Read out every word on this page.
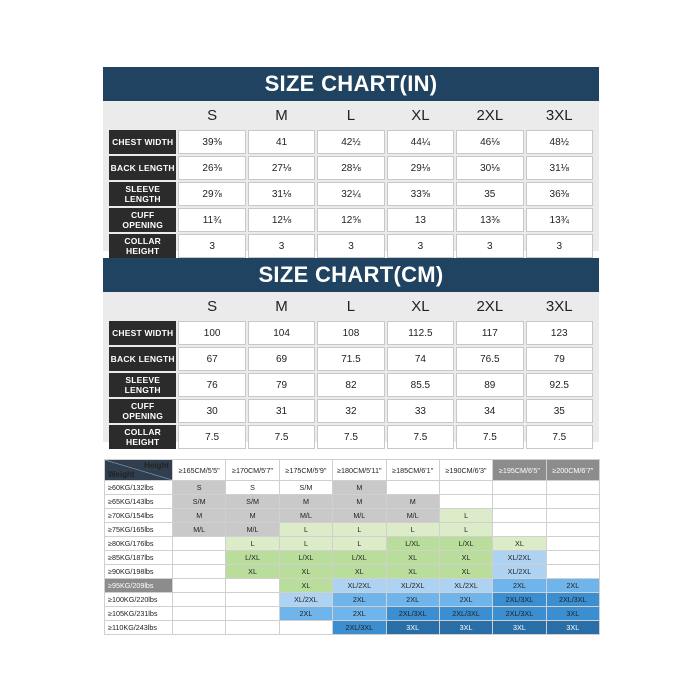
SIZE CHART(IN)
	S	M	L	XL	2XL	3XL
CHEST WIDTH	39⅜	41	42½	44¼	46⅛	48½
BACK LENGTH	26⅜	27⅛	28⅛	29⅛	30⅛	31⅛
SLEEVE LENGTH	29⅞	31⅛	32¼	33⅝	35	36⅜
CUFF OPENING	11¾	12⅛	12⅝	13	13⅜	13¾
COLLAR HEIGHT	3	3	3	3	3	3
SIZE CHART(CM)
	S	M	L	XL	2XL	3XL
CHEST WIDTH	100	104	108	112.5	117	123
BACK LENGTH	67	69	71.5	74	76.5	79
SLEEVE LENGTH	76	79	82	85.5	89	92.5
CUFF OPENING	30	31	32	33	34	35
COLLAR HEIGHT	7.5	7.5	7.5	7.5	7.5	7.5
Height
Weight	≥165CM/5'5"	≥170CM/5'7"	≥175CM/5'9"	≥180CM/5'11"	≥185CM/6'1"	≥190CM/6'3"	≥195CM/6'5"	≥200CM/6'7"
≥60KG/132lbs	S	S	S/M	M				
≥65KG/143lbs	S/M	S/M	M	M	M			
≥70KG/154lbs	M	M	M/L	M/L	M/L	L		
≥75KG/165lbs	M/L	M/L	L	L	L	L		
≥80KG/176lbs		L	L	L	L/XL	L/XL	XL	
≥85KG/187lbs		L/XL	L/XL	L/XL	XL	XL	XL/2XL	
≥90KG/198lbs		XL	XL	XL	XL	XL	XL/2XL	
≥95KG/209lbs			XL	XL/2XL	XL/2XL	XL/2XL	2XL	2XL
≥100KG/220lbs			XL/2XL	2XL	2XL	2XL	2XL/3XL	2XL/3XL
≥105KG/231lbs			2XL	2XL	2XL/3XL	2XL/3XL	2XL/3XL	3XL
≥110KG/243lbs				2XL/3XL	3XL	3XL	3XL	3XL
